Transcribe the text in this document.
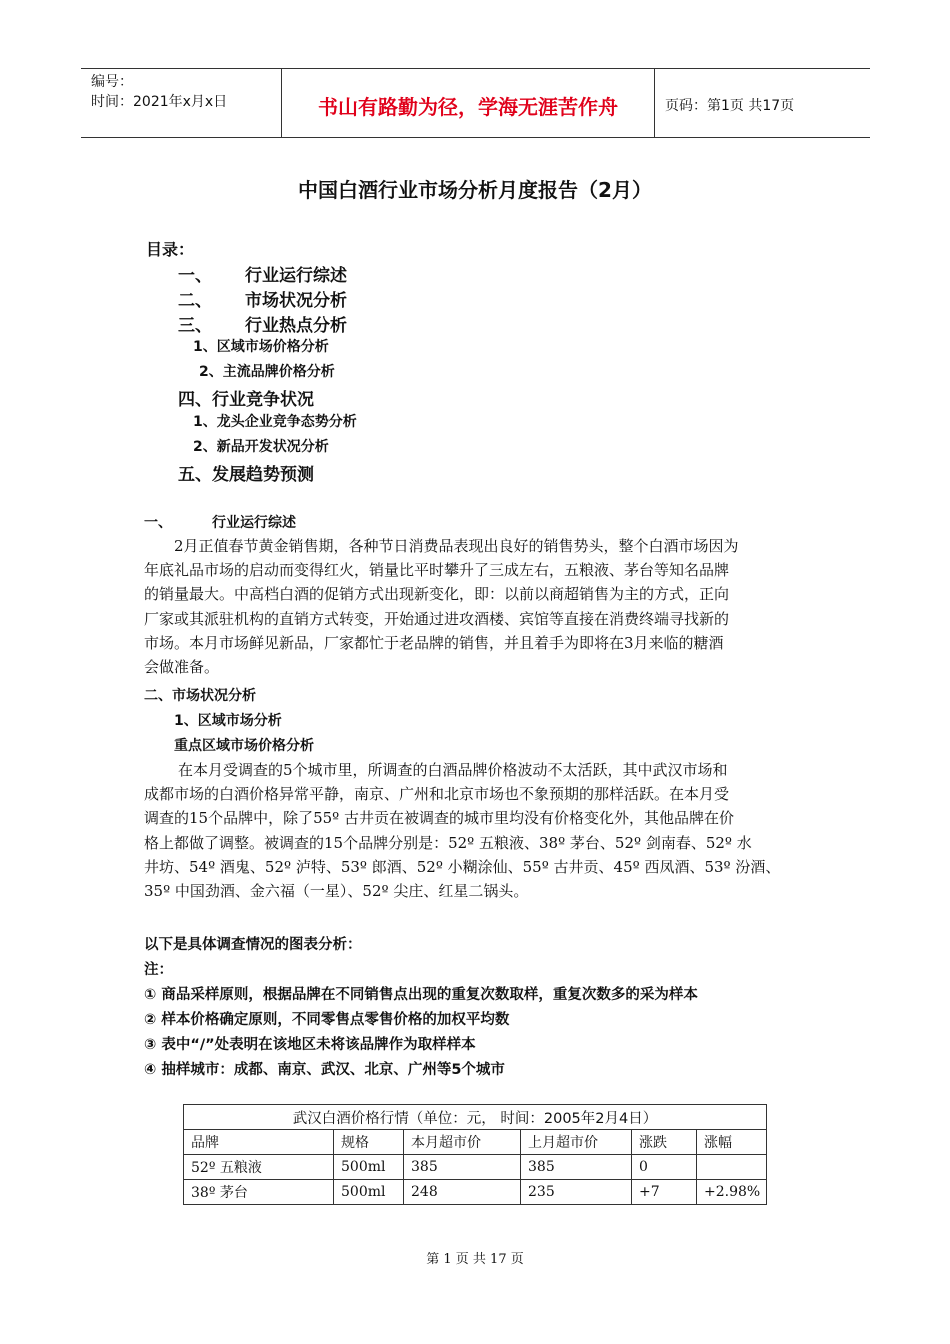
编号：
时间：2021年x月x日	书山有路勤为径，学海无涯苦作舟	页码：第1页 共17页
中国白酒行业市场分析月度报告（2月）
目录：
一、 行业运行综述
二、 市场状况分析
三、 行业热点分析
1、区域市场价格分析
2、主流品牌价格分析
四、行业竞争状况
1、龙头企业竞争态势分析
2、新品开发状况分析
五、发展趋势预测
一、	行业运行综述
2月正值春节黄金销售期，各种节日消费品表现出良好的销售势头，整个白酒市场因为
年底礼品市场的启动而变得红火，销量比平时攀升了三成左右，五粮液、茅台等知名品牌
的销量最大。中高档白酒的促销方式出现新变化，即：以前以商超销售为主的方式，正向
厂家或其派驻机构的直销方式转变，开始通过进攻酒楼、宾馆等直接在消费终端寻找新的
市场。本月市场鲜见新品，厂家都忙于老品牌的销售，并且着手为即将在3月来临的糖酒
会做准备。
二、市场状况分析
1、区域市场分析
重点区域市场价格分析
在本月受调查的5个城市里，所调查的白酒品牌价格波动不太活跃，其中武汉市场和
成都市场的白酒价格异常平静，南京、广州和北京市场也不象预期的那样活跃。在本月受
调查的15个品牌中，除了55º 古井贡在被调查的城市里均没有价格变化外，其他品牌在价
格上都做了调整。被调查的15个品牌分别是：52º 五粮液、38º 茅台、52º 剑南春、52º 水
井坊、54º 酒鬼、52º 泸特、53º 郎酒、52º 小糊涂仙、55º 古井贡、45º 西凤酒、53º 汾酒、
35º 中国劲酒、金六福（一星）、52º 尖庄、红星二锅头。
以下是具体调查情况的图表分析：
注：
① 商品采样原则，根据品牌在不同销售点出现的重复次数取样，重复次数多的采为样本
② 样本价格确定原则，不同零售点零售价格的加权平均数
③ 表中“/”处表明在该地区未将该品牌作为取样样本
④ 抽样城市：成都、南京、武汉、北京、广州等5个城市
武汉白酒价格行情（单位：元， 时间：2005年2月4日）					
品牌	规格	本月超市价	上月超市价	涨跌	涨幅
52º 五粮液	500ml	385	385	0	
38º 茅台	500ml	248	235	+7	+2.98%
第 1 页 共 17 页
